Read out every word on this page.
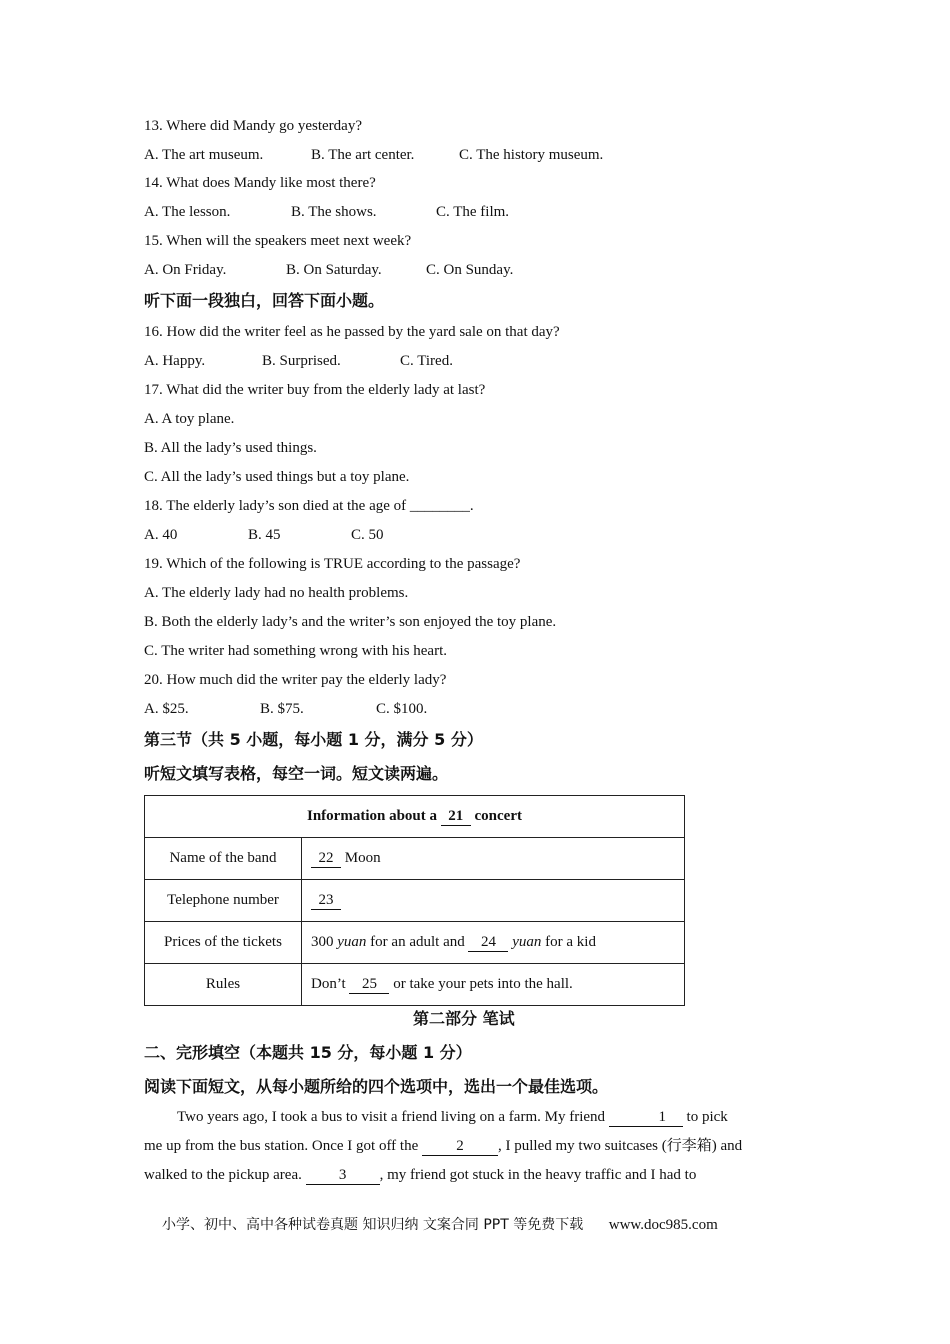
13. Where did Mandy go yesterday?
A. The art museum.	B. The art center.	C. The history museum.
14. What does Mandy like most there?
A. The lesson.	B. The shows.	C. The film.
15. When will the speakers meet next week?
A. On Friday.	B. On Saturday.	C. On Sunday.
听下面一段独白，回答下面小题。
16. How did the writer feel as he passed by the yard sale on that day?
A. Happy.	B. Surprised.	C. Tired.
17. What did the writer buy from the elderly lady at last?
A. A toy plane.
B. All the lady’s used things.
C. All the lady’s used things but a toy plane.
18. The elderly lady’s son died at the age of ________.
A. 40	B. 45	C. 50
19. Which of the following is TRUE according to the passage?
A. The elderly lady had no health problems.
B. Both the elderly lady’s and the writer’s son enjoyed the toy plane.
C. The writer had something wrong with his heart.
20. How much did the writer pay the elderly lady?
A. $25.	B. $75.	C. $100.
第三节（共 5 小题，每小题 1 分，满分 5 分）
听短文填写表格，每空一词。短文读两遍。
Information about a 21 concert	
Name of the band	22 Moon
Telephone number	23
Prices of the tickets	300 yuan for an adult and 24 yuan for a kid
Rules	Don’t 25 or take your pets into the hall.
第二部分 笔试
二、完形填空（本题共 15 分，每小题 1 分）
阅读下面短文，从每小题所给的四个选项中，选出一个最佳选项。
Two years ago, I took a bus to visit a friend living on a farm. My friend	1 to pick
me up from the bus station. Once I got off the 2 , I pulled my two suitcases (行李箱) and
walked to the pickup area. 3 , my friend got stuck in the heavy traffic and I had to
小学、初中、高中各种试卷真题 知识归纳 文案合同 PPT 等免费下载 www.doc985.com
